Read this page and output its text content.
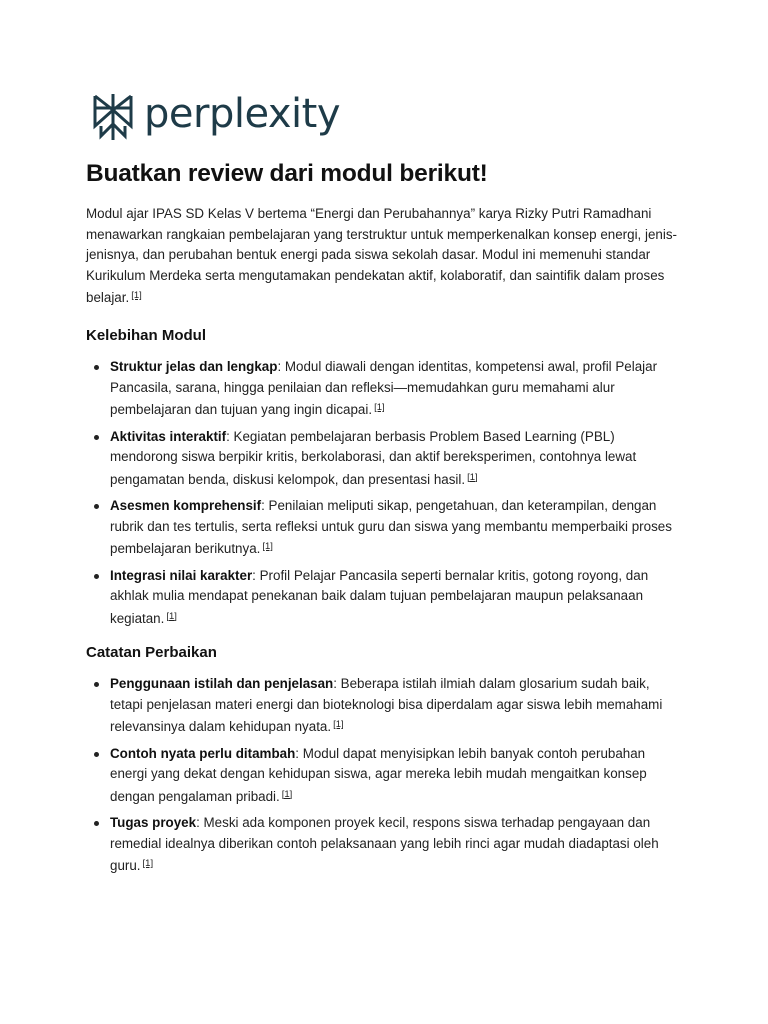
perplexity
Buatkan review dari modul berikut!

Modul ajar IPAS SD Kelas V bertema “Energi dan Perubahannya” karya Rizky Putri Ramadhani menawarkan rangkaian pembelajaran yang terstruktur untuk memperkenalkan konsep energi, jenis-jenisnya, dan perubahan bentuk energi pada siswa sekolah dasar. Modul ini memenuhi standar Kurikulum Merdeka serta mengutamakan pendekatan aktif, kolaboratif, dan saintifik dalam proses belajar. [1]

Kelebihan Modul
Struktur jelas dan lengkap: Modul diawali dengan identitas, kompetensi awal, profil Pelajar Pancasila, sarana, hingga penilaian dan refleksi—memudahkan guru memahami alur pembelajaran dan tujuan yang ingin dicapai. [1]
Aktivitas interaktif: Kegiatan pembelajaran berbasis Problem Based Learning (PBL) mendorong siswa berpikir kritis, berkolaborasi, dan aktif bereksperimen, contohnya lewat pengamatan benda, diskusi kelompok, dan presentasi hasil. [1]
Asesmen komprehensif: Penilaian meliputi sikap, pengetahuan, dan keterampilan, dengan rubrik dan tes tertulis, serta refleksi untuk guru dan siswa yang membantu memperbaiki proses pembelajaran berikutnya. [1]
Integrasi nilai karakter: Profil Pelajar Pancasila seperti bernalar kritis, gotong royong, dan akhlak mulia mendapat penekanan baik dalam tujuan pembelajaran maupun pelaksanaan kegiatan. [1]
Catatan Perbaikan
Penggunaan istilah dan penjelasan: Beberapa istilah ilmiah dalam glosarium sudah baik, tetapi penjelasan materi energi dan bioteknologi bisa diperdalam agar siswa lebih memahami relevansinya dalam kehidupan nyata. [1]
Contoh nyata perlu ditambah: Modul dapat menyisipkan lebih banyak contoh perubahan energi yang dekat dengan kehidupan siswa, agar mereka lebih mudah mengaitkan konsep dengan pengalaman pribadi. [1]
Tugas proyek: Meski ada komponen proyek kecil, respons siswa terhadap pengayaan dan remedial idealnya diberikan contoh pelaksanaan yang lebih rinci agar mudah diadaptasi oleh guru. [1]
